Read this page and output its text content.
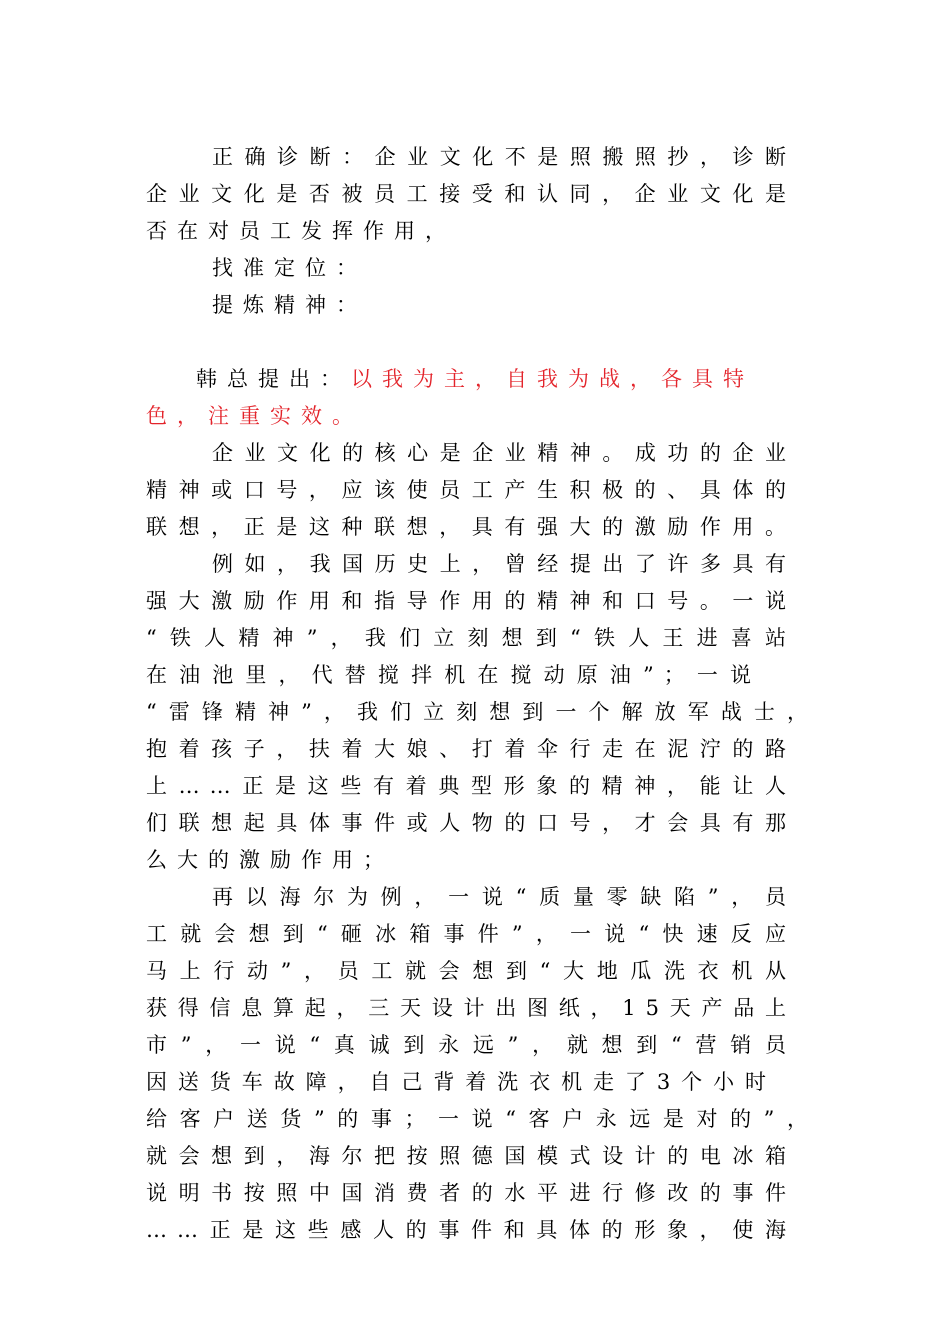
正确诊断：企业文化不是照搬照抄，诊断
企业文化是否被员工接受和认同，企业文化是
否在对员工发挥作用，
找准定位：
提炼精神：
韩总提出：以我为主，自我为战，各具特
色，注重实效。
企业文化的核心是企业精神。成功的企业
精神或口号，应该使员工产生积极的、具体的
联想，正是这种联想，具有强大的激励作用。
例如，我国历史上，曾经提出了许多具有
强大激励作用和指导作用的精神和口号。一说
“铁人精神”，我们立刻想到“铁人王进喜站
在油池里，代替搅拌机在搅动原油”；一说
“雷锋精神”，我们立刻想到一个解放军战士，
抱着孩子，扶着大娘、打着伞行走在泥泞的路
上……正是这些有着典型形象的精神，能让人
们联想起具体事件或人物的口号，才会具有那
么大的激励作用；
再以海尔为例，一说“质量零缺陷”，员
工就会想到“砸冰箱事件”，一说“快速反应
马上行动”，员工就会想到“大地瓜洗衣机从
获得信息算起，三天设计出图纸，15天产品上
市”，一说“真诚到永远”，就想到“营销员
因送货车故障，自己背着洗衣机走了3个小时
给客户送货”的事；一说“客户永远是对的”，
就会想到，海尔把按照德国模式设计的电冰箱
说明书按照中国消费者的水平进行修改的事件
……正是这些感人的事件和具体的形象，使海
